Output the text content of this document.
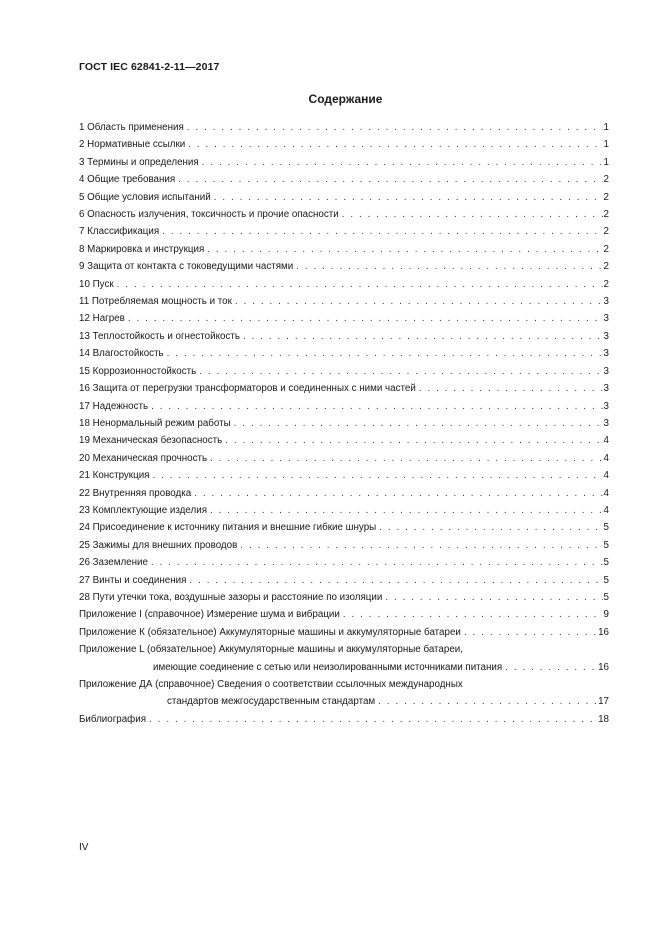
ГОСТ IEC 62841-2-11—2017
Содержание
1 Область применения . . .	1
2 Нормативные ссылки . . .	1
3 Термины и определения . . .	1
4 Общие требования . . .	2
5 Общие условия испытаний . . .	2
6 Опасность излучения, токсичность и прочие опасности . . .	2
7 Классификация . . .	2
8 Маркировка и инструкция . . .	2
9 Защита от контакта с токоведущими частями . . .	2
10 Пуск . . .	2
11 Потребляемая мощность и ток . . .	3
12 Нагрев . . .	3
13 Теплостойкость и огнестойкость . . .	3
14 Влагостойкость . . .	3
15 Коррозионностойкость . . .	3
16 Защита от перегрузки трансформаторов и соединенных с ними частей . . .	3
17 Надежность . . .	3
18 Ненормальный режим работы . . .	3
19 Механическая безопасность . . .	4
20 Механическая прочность . . .	4
21 Конструкция . . .	4
22 Внутренняя проводка . . .	4
23 Комплектующие изделия . . .	4
24 Присоединение к источнику питания и внешние гибкие шнуры . . .	5
25 Зажимы для внешних проводов . . .	5
26 Заземление . . .	5
27 Винты и соединения . . .	5
28 Пути утечки тока, воздушные зазоры и расстояние по изоляции . . .	5
Приложение I (справочное) Измерение шума и вибрации . . .	9
Приложение К (обязательное) Аккумуляторные машины и аккумуляторные батареи . . .	16
Приложение L (обязательное) Аккумуляторные машины и аккумуляторные батареи,
имеющие соединение с сетью или неизолированными источниками питания . . .	16
Приложение ДА (справочное) Сведения о соответствии ссылочных международных
стандартов межгосударственным стандартам . . .	17
Библиография . . .	18
IV
